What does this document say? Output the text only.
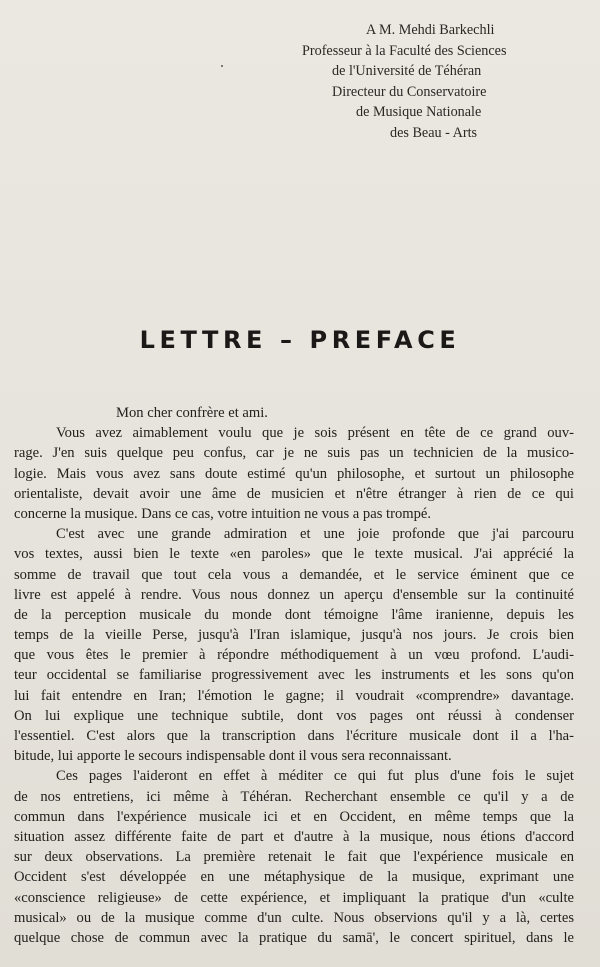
A M. Mehdi Barkechli
Professeur à la Faculté des Sciences
de l'Université de Téhéran
Directeur du Conservatoire
de Musique Nationale
des Beau - Arts
LETTRE – PREFACE
Mon cher confrère et ami.
Vous avez aimablement voulu que je sois présent en tête de ce grand ouv-
rage. J'en suis quelque peu confus, car je ne suis pas un technicien de la musico-
logie. Mais vous avez sans doute estimé qu'un philosophe, et surtout un philosophe
orientaliste, devait avoir une âme de musicien et n'être étranger à rien de ce qui
concerne la musique. Dans ce cas, votre intuition ne vous a pas trompé.
C'est avec une grande admiration et une joie profonde que j'ai parcouru
vos textes, aussi bien le texte «en paroles» que le texte musical. J'ai apprécié la
somme de travail que tout cela vous a demandée, et le service éminent que ce
livre est appelé à rendre. Vous nous donnez un aperçu d'ensemble sur la continuité
de la perception musicale du monde dont témoigne l'âme iranienne, depuis les
temps de la vieille Perse, jusqu'à l'Iran islamique, jusqu'à nos jours. Je crois bien
que vous êtes le premier à répondre méthodiquement à un vœu profond. L'audi-
teur occidental se familiarise progressivement avec les instruments et les sons qu'on
lui fait entendre en Iran; l'émotion le gagne; il voudrait «comprendre» davantage.
On lui explique une technique subtile, dont vos pages ont réussi à condenser
l'essentiel. C'est alors que la transcription dans l'écriture musicale dont il a l'ha-
bitude, lui apporte le secours indispensable dont il vous sera reconnaissant.
Ces pages l'aideront en effet à méditer ce qui fut plus d'une fois le sujet
de nos entretiens, ici même à Téhéran. Recherchant ensemble ce qu'il y a de
commun dans l'expérience musicale ici et en Occident, en même temps que la
situation assez différente faite de part et d'autre à la musique, nous étions d'accord
sur deux observations. La première retenait le fait que l'expérience musicale en
Occident s'est développée en une métaphysique de la musique, exprimant une
«conscience religieuse» de cette expérience, et impliquant la pratique d'un «culte
musical» ou de la musique comme d'un culte. Nous observions qu'il y a là, certes
quelque chose de commun avec la pratique du samā', le concert spirituel, dans le
